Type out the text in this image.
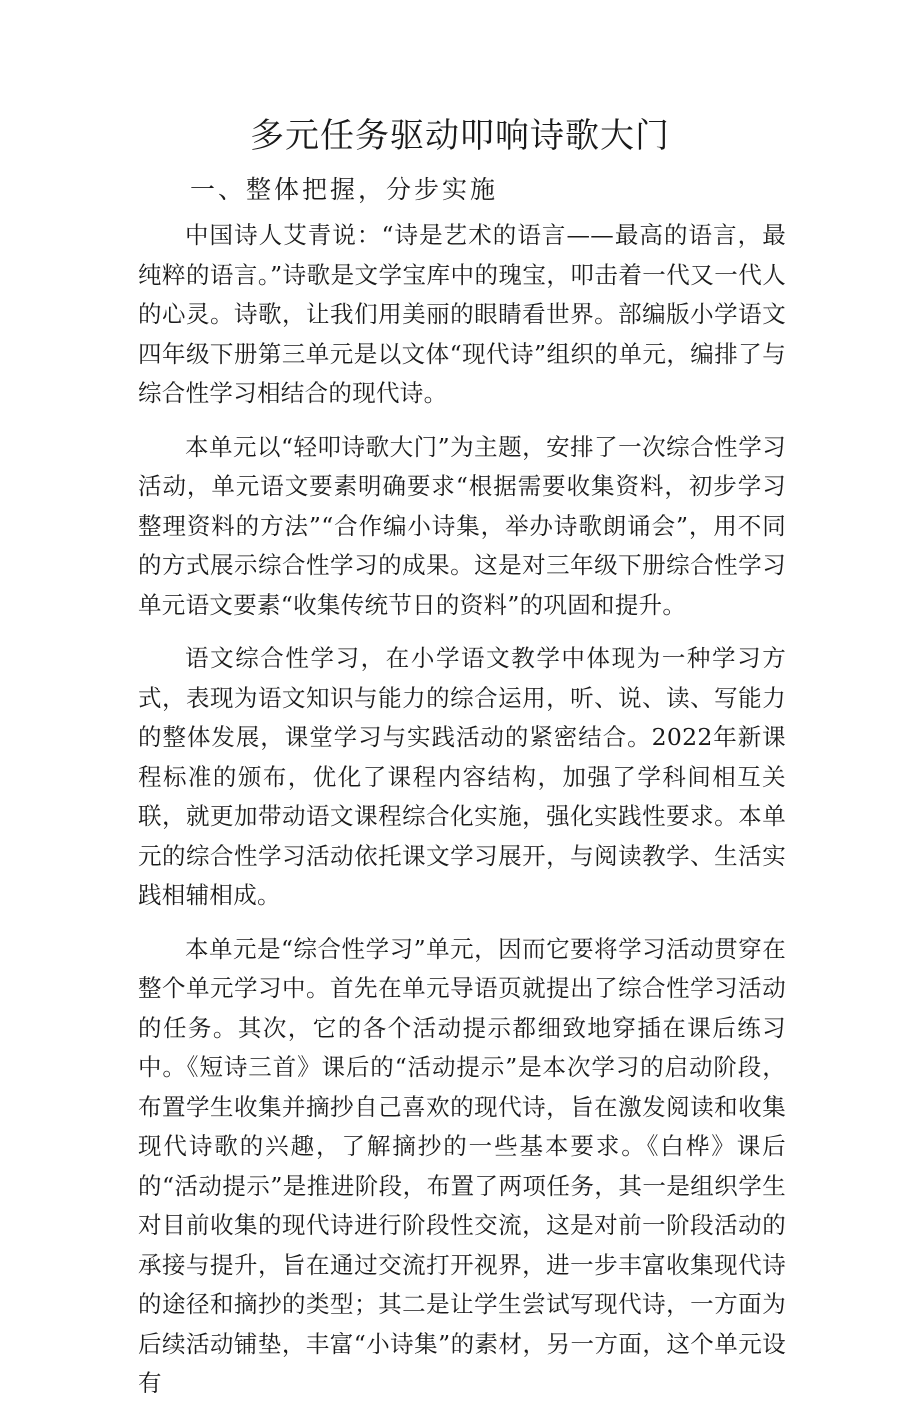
多元任务驱动叩响诗歌大门
一、整体把握，分步实施

中国诗人艾青说：“诗是艺术的语言——最高的语言，最纯粹的语言。”诗歌是文学宝库中的瑰宝，叩击着一代又一代人的心灵。诗歌，让我们用美丽的眼睛看世界。部编版小学语文四年级下册第三单元是以文体“现代诗”组织的单元，编排了与综合性学习相结合的现代诗。

本单元以“轻叩诗歌大门”为主题，安排了一次综合性学习活动，单元语文要素明确要求“根据需要收集资料，初步学习整理资料的方法”“合作编小诗集，举办诗歌朗诵会”，用不同的方式展示综合性学习的成果。这是对三年级下册综合性学习单元语文要素“收集传统节日的资料”的巩固和提升。

语文综合性学习，在小学语文教学中体现为一种学习方式，表现为语文知识与能力的综合运用，听、说、读、写能力的整体发展，课堂学习与实践活动的紧密结合。2022年新课程标准的颁布，优化了课程内容结构，加强了学科间相互关联，就更加带动语文课程综合化实施，强化实践性要求。本单元的综合性学习活动依托课文学习展开，与阅读教学、生活实践相辅相成。

本单元是“综合性学习”单元，因而它要将学习活动贯穿在整个单元学习中。首先在单元导语页就提出了综合性学习活动的任务。其次，它的各个活动提示都细致地穿插在课后练习中。《短诗三首》课后的“活动提示”是本次学习的启动阶段，布置学生收集并摘抄自己喜欢的现代诗，旨在激发阅读和收集现代诗歌的兴趣，了解摘抄的一些基本要求。《白桦》课后的“活动提示”是推进阶段，布置了两项任务，其一是组织学生对目前收集的现代诗进行阶段性交流，这是对前一阶段活动的承接与提升，旨在通过交流打开视界，进一步丰富收集现代诗的途径和摘抄的类型；其二是让学生尝试写现代诗，一方面为后续活动铺垫，丰富“小诗集”的素材，另一方面，这个单元设有
